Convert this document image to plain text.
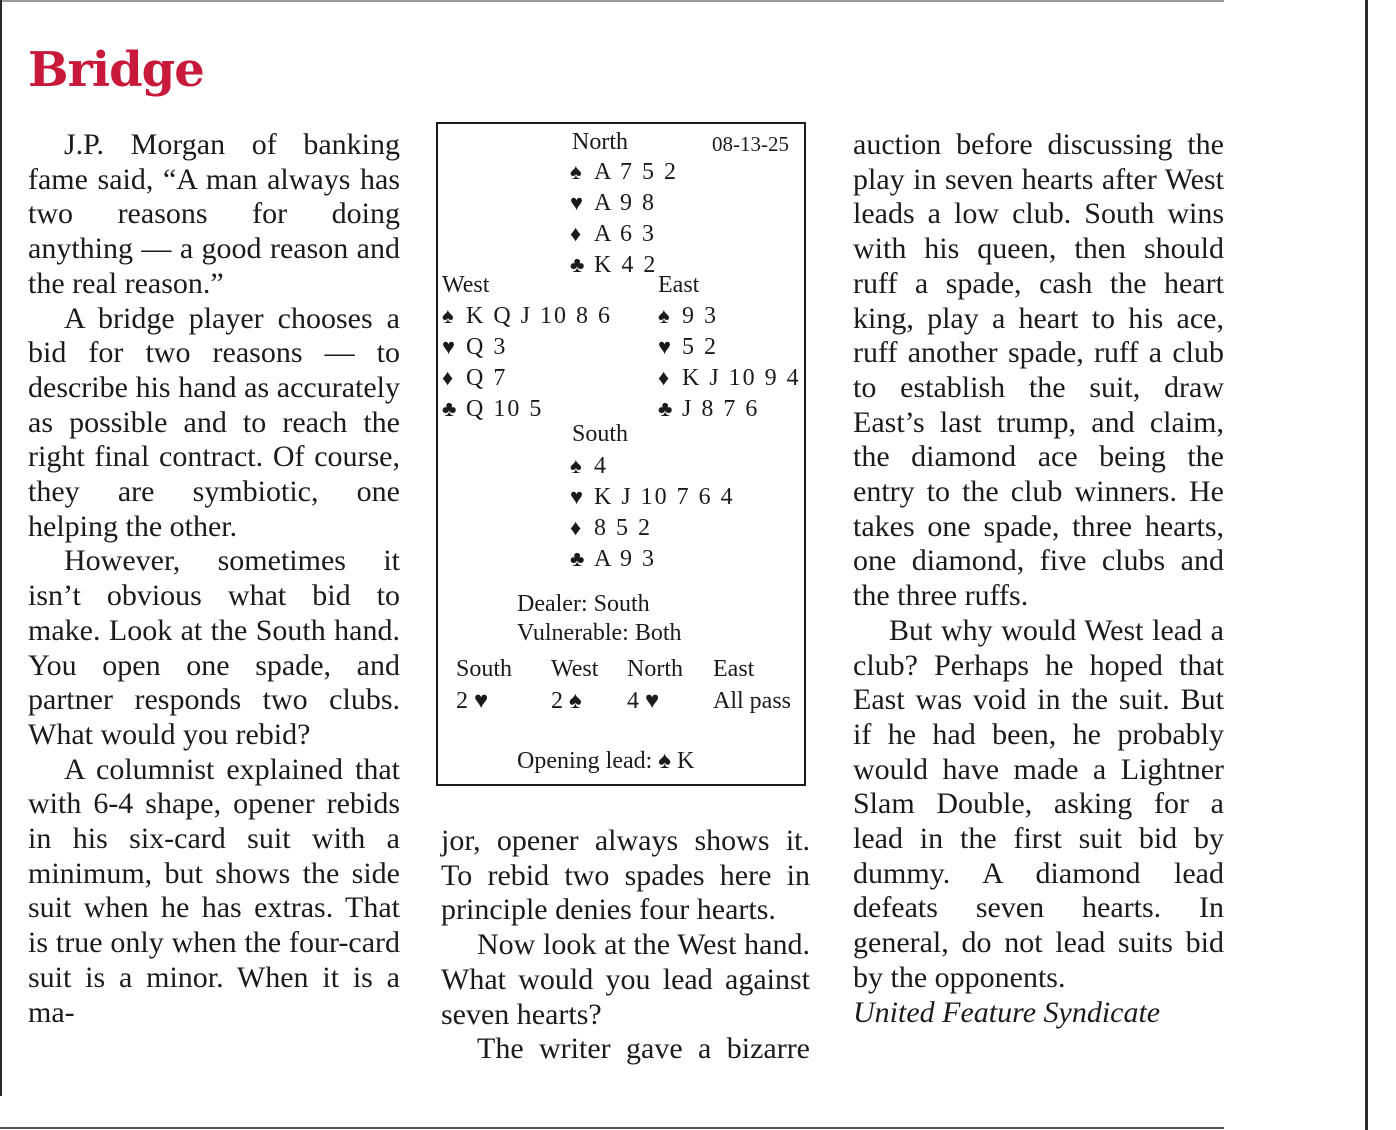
Bridge

J.P. Morgan of banking fame said, “A man always has two reasons for doing anything — a good reason and the real reason.”

A bridge player chooses a bid for two reasons — to describe his hand as accurately as possible and to reach the right final contract. Of course, they are symbiotic, one helping the other.

However, sometimes it isn’t obvious what bid to make. Look at the South hand. You open one spade, and partner responds two clubs. What would you rebid?

A columnist explained that with 6-4 shape, opener rebids in his six-card suit with a minimum, but shows the side suit when he has extras. That is true only when the four-card suit is a minor. When it is a ma-

08-13-25
North
♠ A 7 5 2
♥ A 9 8
♦ A 6 3
♣ K 4 2
West
♠ K Q J 10 8 6
♥ Q 3
♦ Q 7
♣ Q 10 5
East
♠ 9 3
♥ 5 2
♦ K J 10 9 4
♣ J 8 7 6
South
♠ 4
♥ K J 10 7 6 4
♦ 8 5 2
♣ A 9 3
Dealer: South
Vulnerable: Both
South West North East
2 ♥	2 ♠ 4 ♥ All pass
Opening lead: ♠ K

jor, opener always shows it. To rebid two spades here in principle denies four hearts.

Now look at the West hand. What would you lead against seven hearts?

The writer gave a bizarre

auction before discussing the play in seven hearts after West leads a low club. South wins with his queen, then should ruff a spade, cash the heart king, play a heart to his ace, ruff another spade, ruff a club to establish the suit, draw East’s last trump, and claim, the diamond ace being the entry to the club winners. He takes one spade, three hearts, one diamond, five clubs and the three ruffs.

But why would West lead a club? Perhaps he hoped that East was void in the suit. But if he had been, he probably would have made a Lightner Slam Double, asking for a lead in the first suit bid by dummy. A diamond lead defeats seven hearts. In general, do not lead suits bid by the opponents.

United Feature Syndicate
